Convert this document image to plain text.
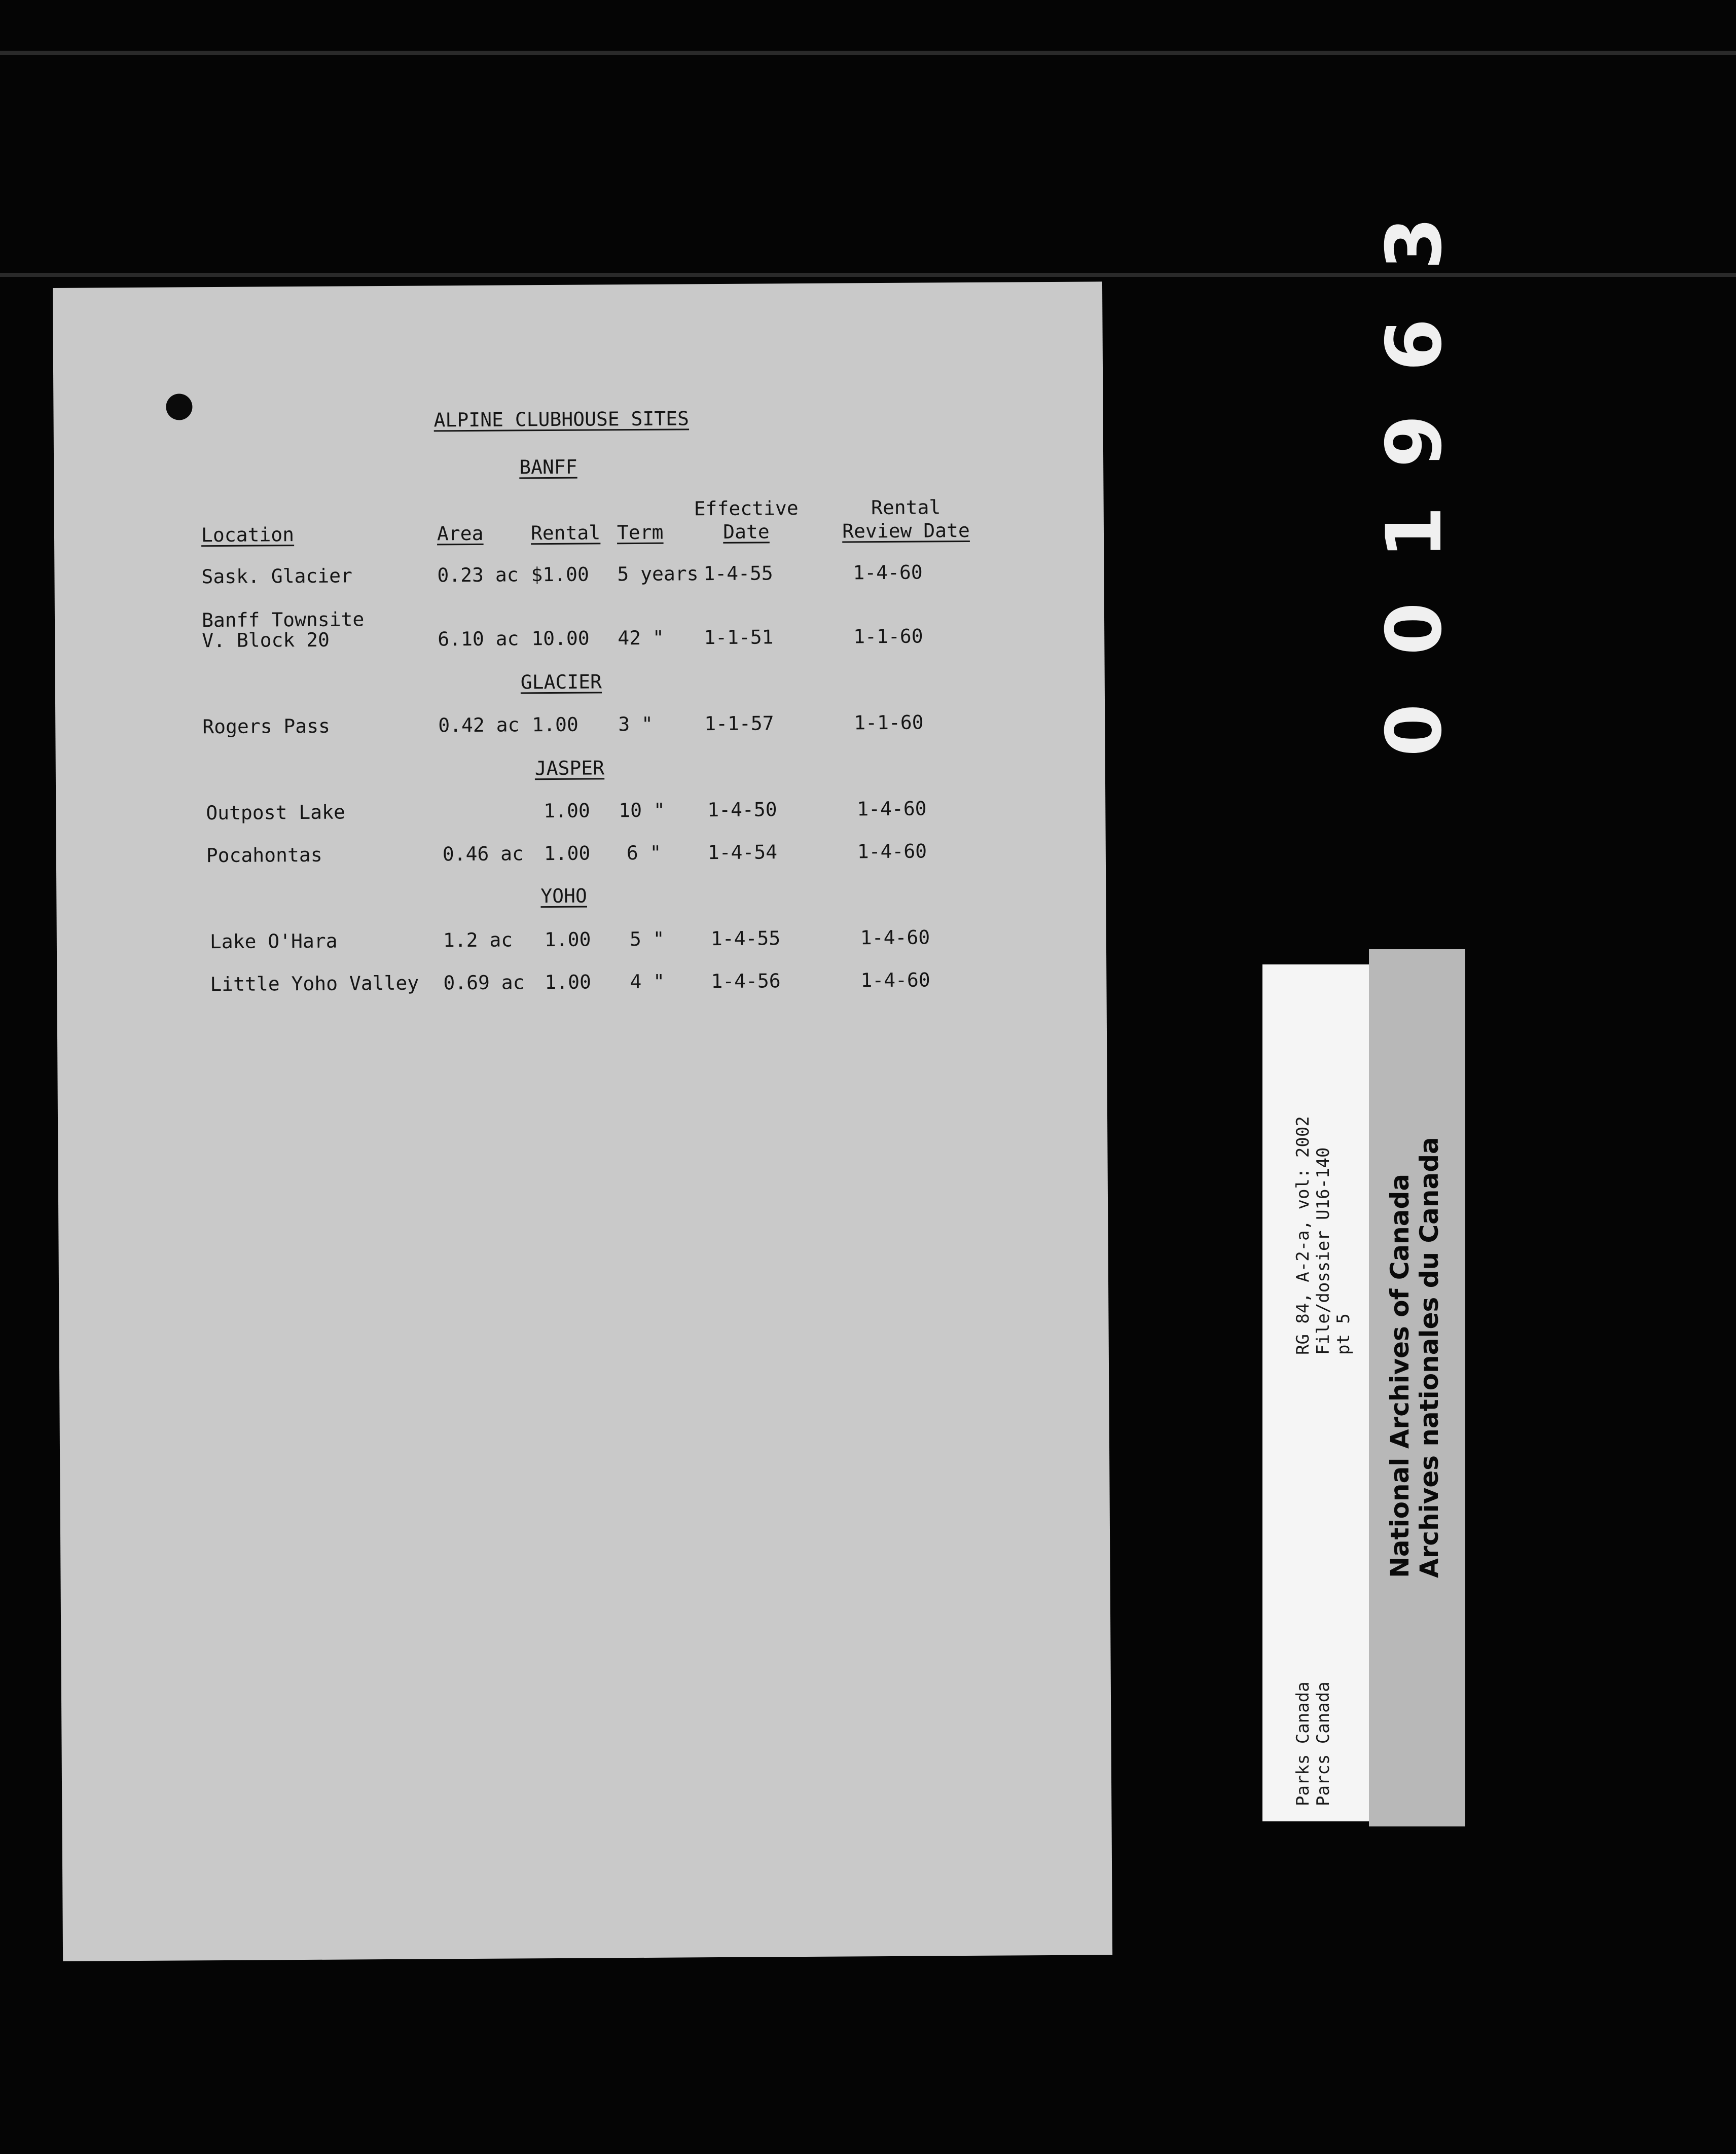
ALPINE CLUBHOUSE SITES
Location	Area Rental Term
Effective
Date
Rental
Review Date
BANFF
Sask. Glacier	0.23 ac $1.00 5 years 1-4-55	1-4-60
Banff Townsite
V. Block 20	6.10 ac 10.00 42 " 1-1-51	1-1-60
GLACIER
Rogers Pass	0.42 ac 1.00 3 "	1-1-57	1-1-60
JASPER
Outpost Lake	1.00 10 " 1-4-50	1-4-60
Pocahontas	0.46 ac 1.00 6 " 1-4-54	1-4-60
YOHO
Lake O'Hara	1.2 ac 1.00 5 " 1-4-55	1-4-60
Little Yoho Valley 0.69 ac 1.00 4 " 1-4-56	1-4-60
3
6
9
1
0
0
RG 84, A-2-a, vol: 2002 File/dossier U16-140 pt 5
Parks Canada Parcs Canada
National Archives of Canada Archives nationales du Canada
